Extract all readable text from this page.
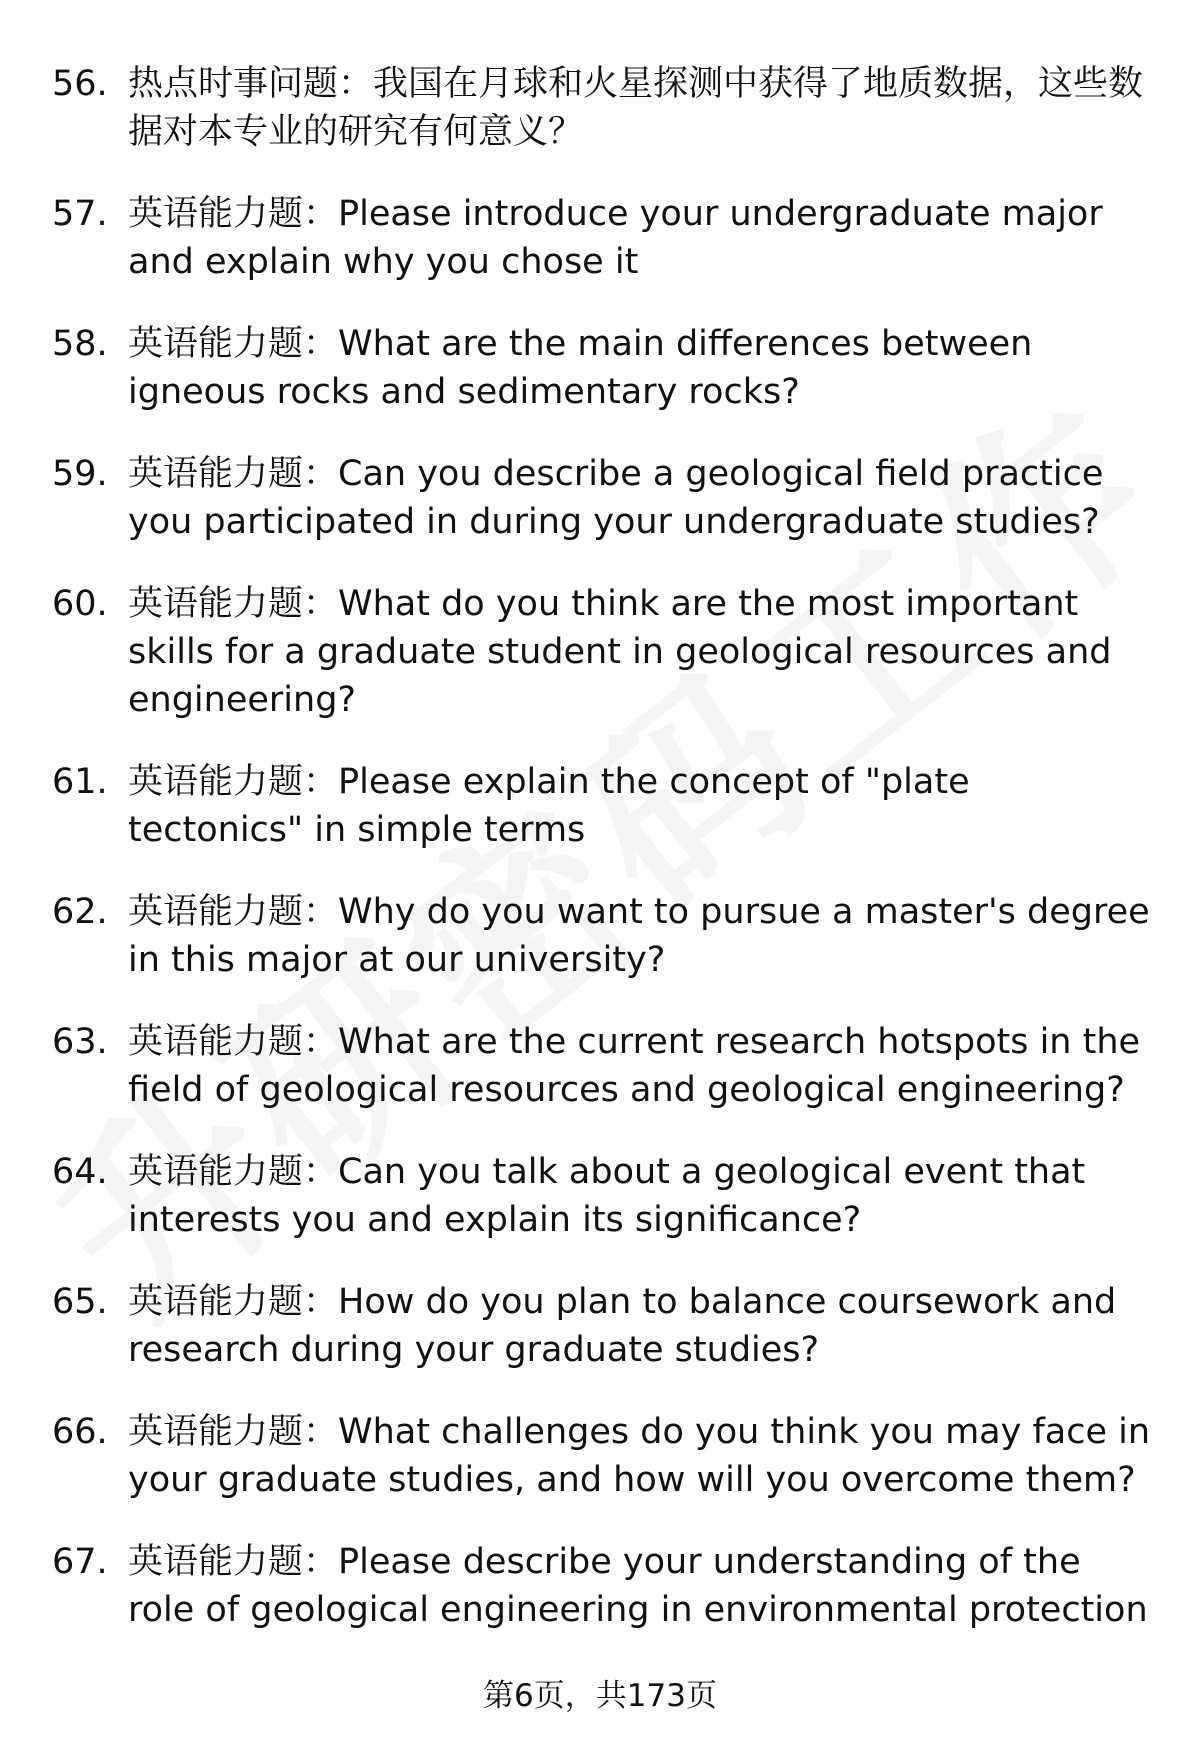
56. 热点时事问题：我国在月球和火星探测中获得了地质数据，这些数据对本专业的研究有何意义？
57. 英语能力题：Please introduce your undergraduate major and explain why you chose it
58. 英语能力题：What are the main differences between igneous rocks and sedimentary rocks?
59. 英语能力题：Can you describe a geological field practice you participated in during your undergraduate studies?
60. 英语能力题：What do you think are the most important skills for a graduate student in geological resources and engineering?
61. 英语能力题：Please explain the concept of "plate tectonics" in simple terms
62. 英语能力题：Why do you want to pursue a master's degree in this major at our university?
63. 英语能力题：What are the current research hotspots in the field of geological resources and geological engineering?
64. 英语能力题：Can you talk about a geological event that interests you and explain its significance?
65. 英语能力题：How do you plan to balance coursework and research during your graduate studies?
66. 英语能力题：What challenges do you think you may face in your graduate studies, and how will you overcome them?
67. 英语能力题：Please describe your understanding of the role of geological engineering in environmental protection
第6页，共173页
